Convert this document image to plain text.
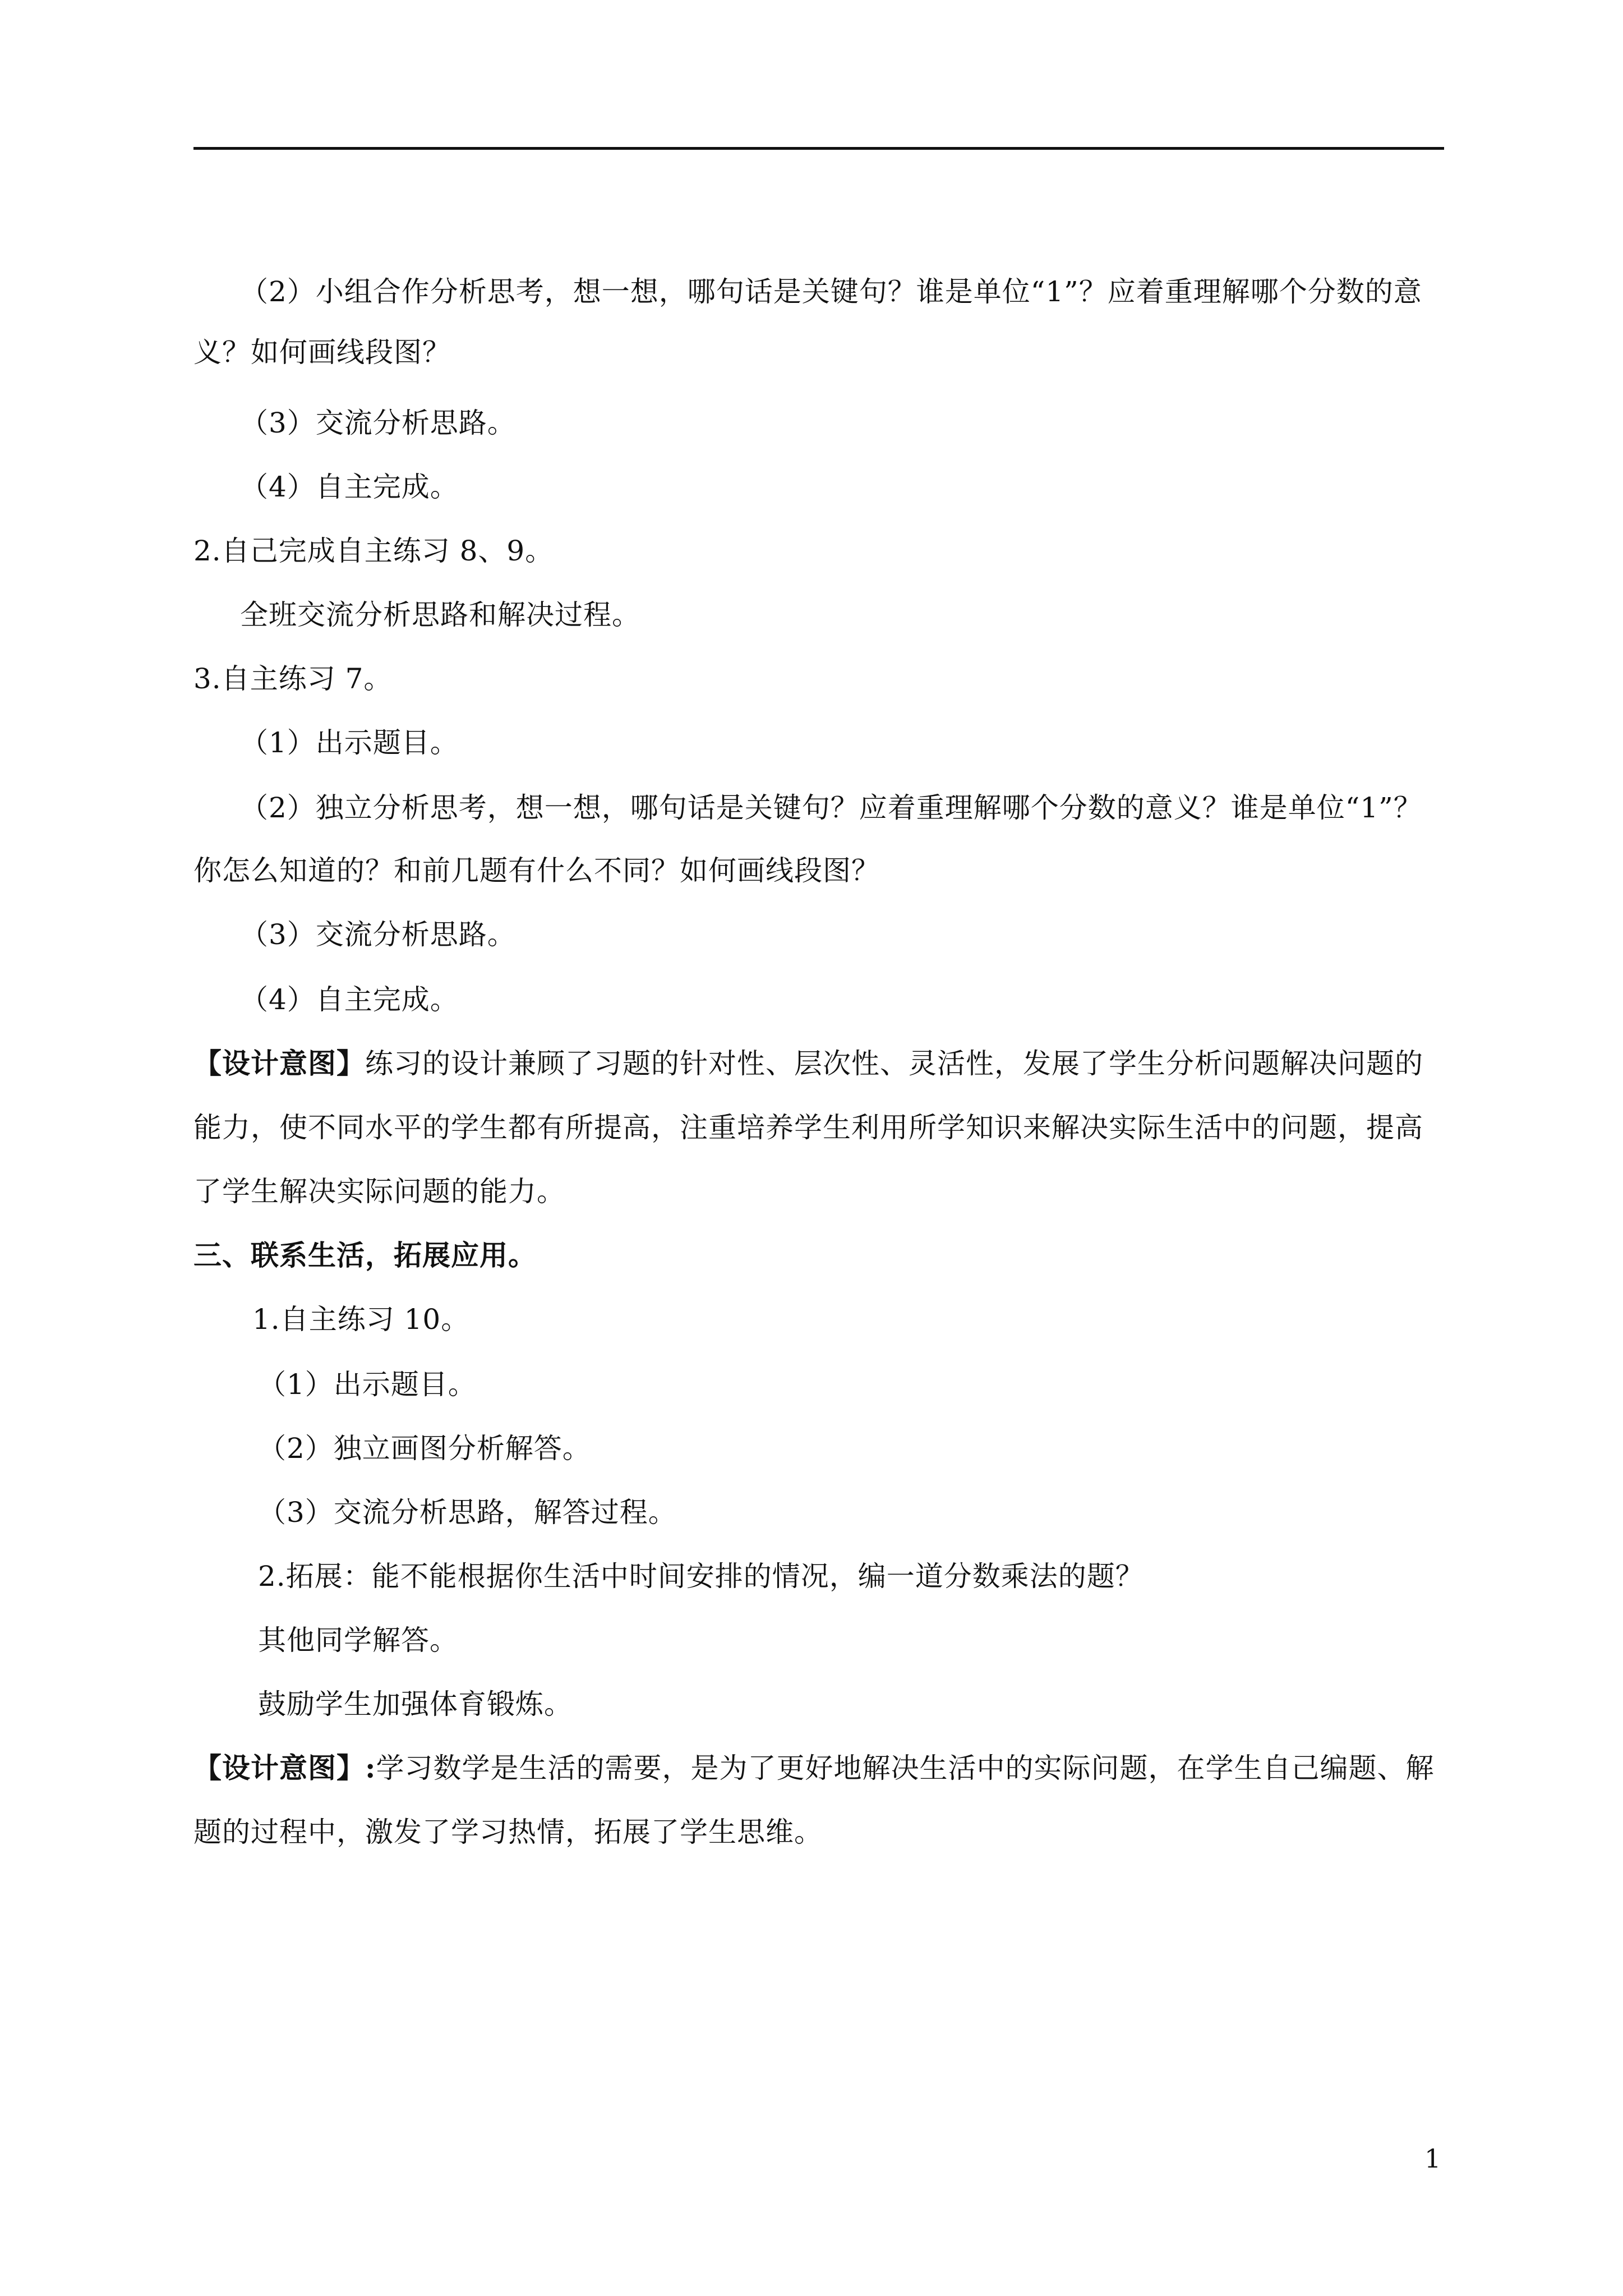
（2）小组合作分析思考，想一想，哪句话是关键句？谁是单位“1”？应着重理解哪个分数的意
义？如何画线段图？
（3）交流分析思路。
（4）自主完成。
2.自己完成自主练习 8、9。
全班交流分析思路和解决过程。
3.自主练习 7。
（1）出示题目。
（2）独立分析思考，想一想，哪句话是关键句？应着重理解哪个分数的意义？谁是单位“1”？
你怎么知道的？和前几题有什么不同？如何画线段图？
（3）交流分析思路。
（4）自主完成。
【设计意图】练习的设计兼顾了习题的针对性、层次性、灵活性，发展了学生分析问题解决问题的
能力，使不同水平的学生都有所提高，注重培养学生利用所学知识来解决实际生活中的问题，提高
了学生解决实际问题的能力。
三、联系生活，拓展应用。
1.自主练习 10。
（1）出示题目。
（2）独立画图分析解答。
（3）交流分析思路，解答过程。
2.拓展：能不能根据你生活中时间安排的情况，编一道分数乘法的题？
其他同学解答。
鼓励学生加强体育锻炼。
【设计意图】:学习数学是生活的需要，是为了更好地解决生活中的实际问题，在学生自己编题、解
题的过程中，激发了学习热情，拓展了学生思维。
1
